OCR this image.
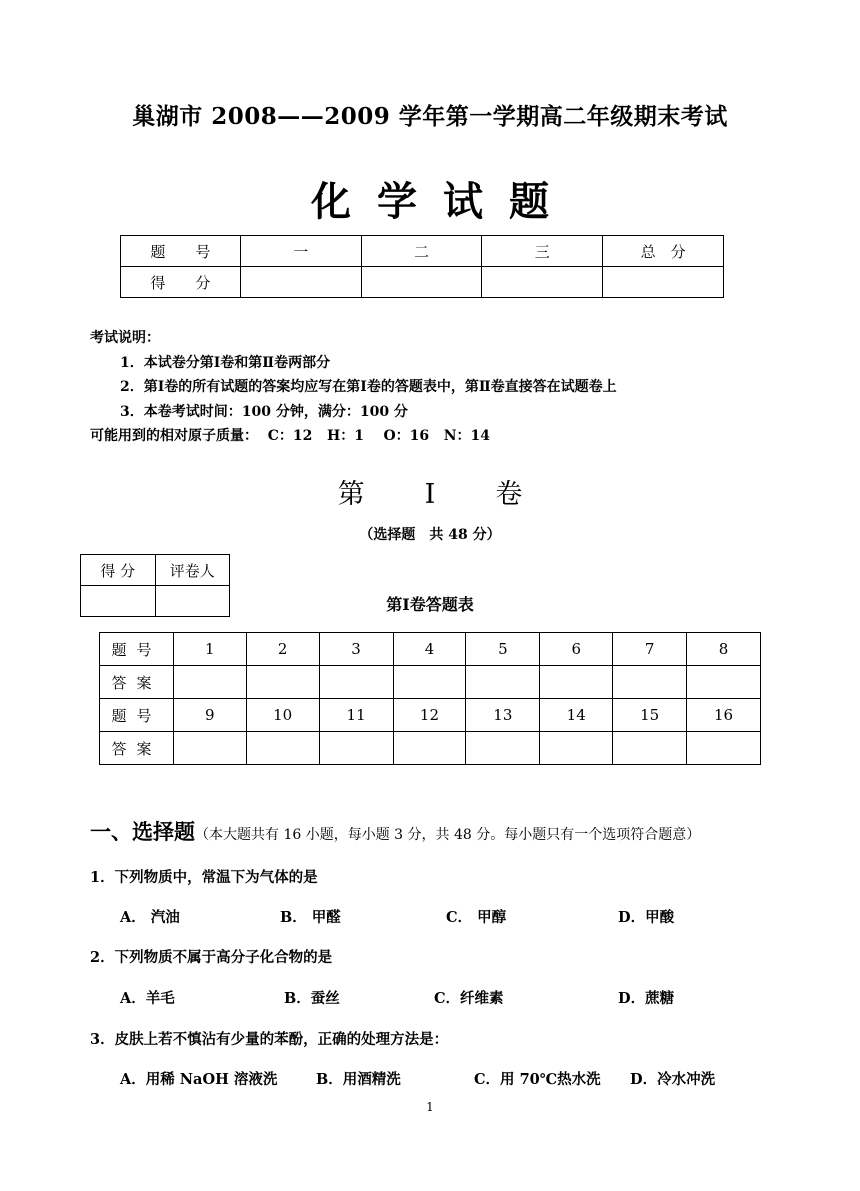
巢湖市 2008——2009 学年第一学期高二年级期末考试
化学试题
题　　号	一	二	三	总　分
得　　分				
考试说明：
1．本试卷分第Ⅰ卷和第Ⅱ卷两部分
2．第Ⅰ卷的所有试题的答案均应写在第Ⅰ卷的答题表中，第Ⅱ卷直接答在试题卷上
3．本卷考试时间：100 分钟，满分：100 分
可能用到的相对原子质量：  C：12   H：1    O：16   N：14
第 I 卷
（选择题　共 48 分）
得 分	评卷人

第Ⅰ卷答题表
题号	1	2	3	4	5	6	7	8
答案								
题号	9	10	11	12	13	14	15	16
答案								
一、选择题（本大题共有 16 小题，每小题 3 分，共 48 分。每小题只有一个选项符合题意）
1．下列物质中，常温下为气体的是
A． 汽油	B． 甲醛	C． 甲醇	D．甲酸
2．下列物质不属于高分子化合物的是
A．羊毛	B．蚕丝	C．纤维素	D．蔗糖
3．皮肤上若不慎沾有少量的苯酚，正确的处理方法是：
A．用稀 NaOH 溶液洗	B．用酒精洗	C．用 70℃热水洗 D．冷水冲洗
1
